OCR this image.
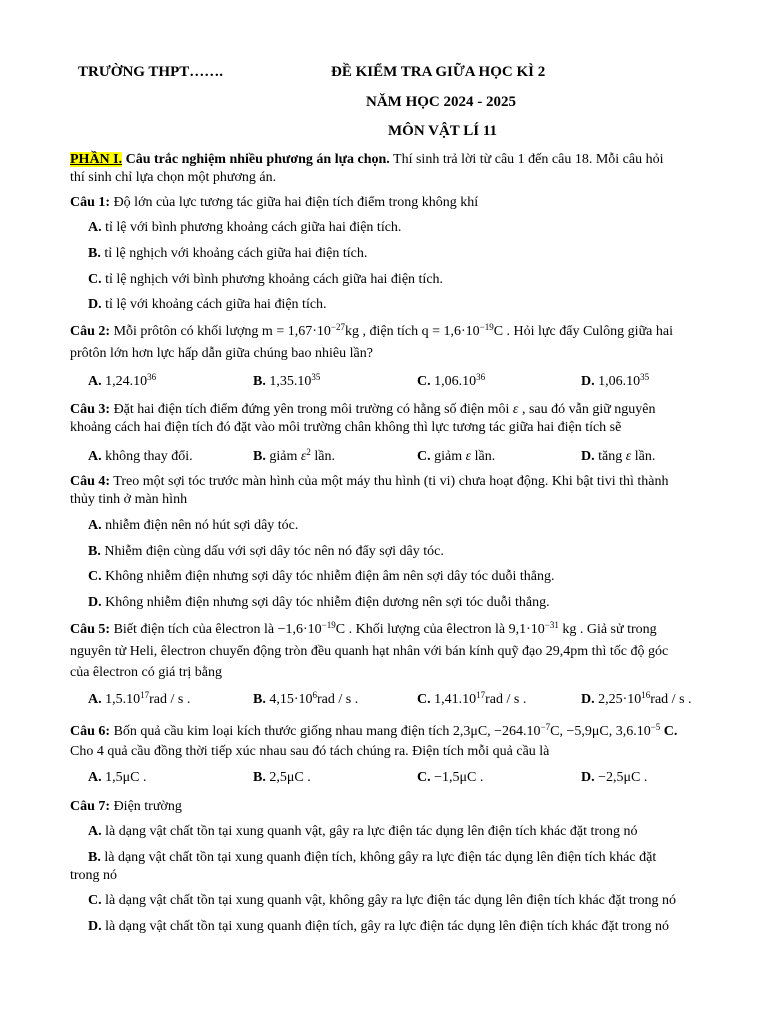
TRƯỜNG THPT…….	ĐỀ KIỂM TRA GIỮA HỌC KÌ 2
NĂM HỌC 2024 - 2025
MÔN VẬT LÍ 11
PHẦN I. Câu trắc nghiệm nhiều phương án lựa chọn. Thí sinh trả lời từ câu 1 đến câu 18. Mỗi câu hỏi
thí sinh chỉ lựa chọn một phương án.
Câu 1: Độ lớn của lực tương tác giữa hai điện tích điểm trong không khí
A. tỉ lệ với bình phương khoảng cách giữa hai điện tích.
B. tỉ lệ nghịch với khoảng cách giữa hai điện tích.
C. tỉ lệ nghịch với bình phương khoảng cách giữa hai điện tích.
D. tỉ lệ với khoảng cách giữa hai điện tích.
Câu 2: Mỗi prôtôn có khối lượng $m = 1,67\cdot 10^{-27}kg$ , điện tích $q = 1,6\cdot 10^{-19}C$ . Hỏi lực đẩy Culông giữa hai
prôtôn lớn hơn lực hấp dẫn giữa chúng bao nhiêu lần?
A. 1,24.10$^{36}$	B. 1,35.10$^{35}$	C. 1,06.10$^{36}$	D. 1,06.10$^{35}$
Câu 3: Đặt hai điện tích điểm đứng yên trong môi trường có hằng số điện môi ε , sau đó vẫn giữ nguyên
khoảng cách hai điện tích đó đặt vào môi trường chân không thì lực tương tác giữa hai điện tích sẽ
A. không thay đổi.	B. giảm $\varepsilon^2$ lần.	C. giảm ε lần.	D. tăng ε lần.
Câu 4: Treo một sợi tóc trước màn hình của một máy thu hình (ti vi) chưa hoạt động. Khi bật tivi thì thành
thủy tinh ở màn hình
A. nhiễm điện nên nó hút sợi dây tóc.
B. Nhiễm điện cùng dấu với sợi dây tóc nên nó đẩy sợi dây tóc.
C. Không nhiễm điện nhưng sợi dây tóc nhiễm điện âm nên sợi dây tóc duỗi thẳng.
D. Không nhiễm điện nhưng sợi dây tóc nhiễm điện dương nên sợi tóc duỗi thẳng.
Câu 5: Biết điện tích của êlectron là $-1,6\cdot 10^{-19}C$ . Khối lượng của êlectron là $9,1\cdot 10^{-31}$ kg . Giả sử trong
nguyên tử Heli, êlectron chuyển động tròn đều quanh hạt nhân với bán kính quỹ đạo 29,4pm thì tốc độ góc
của êlectron có giá trị bằng
A. 1,5.10$^{17}$rad / s .	B. $4,15\cdot 10^6rad / s$ .	C. 1,41.10$^{17}$rad / s .	D. $2,25\cdot 10^{16}rad / s$ .
Câu 6: Bốn quả cầu kim loại kích thước giống nhau mang điện tích 2,3μC, $-264.10^{-7}C$, −5,9μC, $3,6.10^{-5}$ C.
Cho 4 quả cầu đồng thời tiếp xúc nhau sau đó tách chúng ra. Điện tích mỗi quả cầu là
A. 1,5μC .	B. 2,5μC .	C. −1,5μC .	D. −2,5μC .
Câu 7: Điện trường
A. là dạng vật chất tồn tại xung quanh vật, gây ra lực điện tác dụng lên điện tích khác đặt trong nó
B. là dạng vật chất tồn tại xung quanh điện tích, không gây ra lực điện tác dụng lên điện tích khác đặt
trong nó
C. là dạng vật chất tồn tại xung quanh vật, không gây ra lực điện tác dụng lên điện tích khác đặt trong nó
D. là dạng vật chất tồn tại xung quanh điện tích, gây ra lực điện tác dụng lên điện tích khác đặt trong nó
